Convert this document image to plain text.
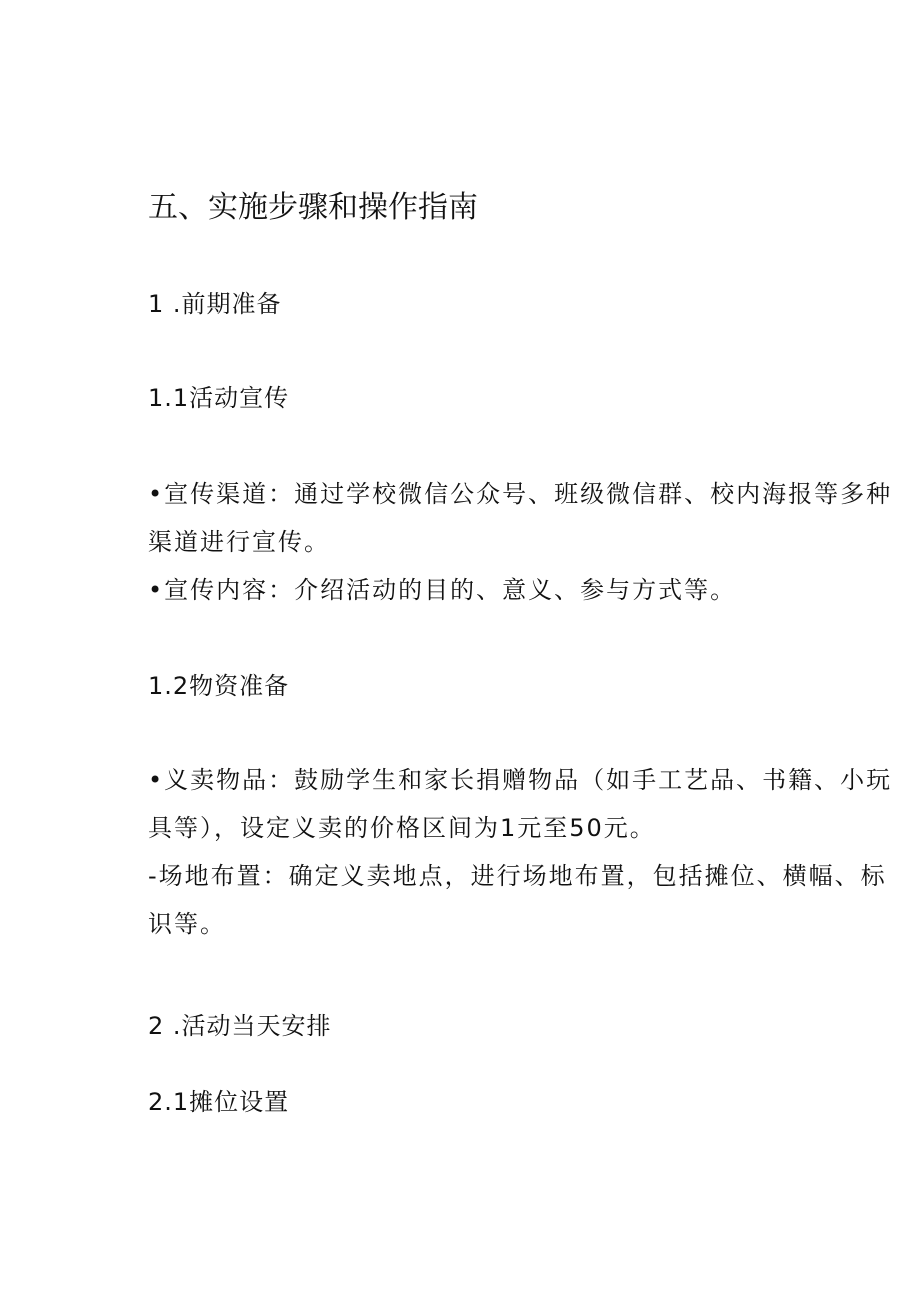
五、实施步骤和操作指南
1 .前期准备
1.1活动宣传
•宣传渠道：通过学校微信公众号、班级微信群、校内海报等多种
渠道进行宣传。
•宣传内容：介绍活动的目的、意义、参与方式等。
1.2物资准备
•义卖物品：鼓励学生和家长捐赠物品（如手工艺品、书籍、小玩
具等），设定义卖的价格区间为1元至50元。
-场地布置：确定义卖地点，进行场地布置，包括摊位、横幅、标
识等。
2 .活动当天安排
2.1摊位设置
